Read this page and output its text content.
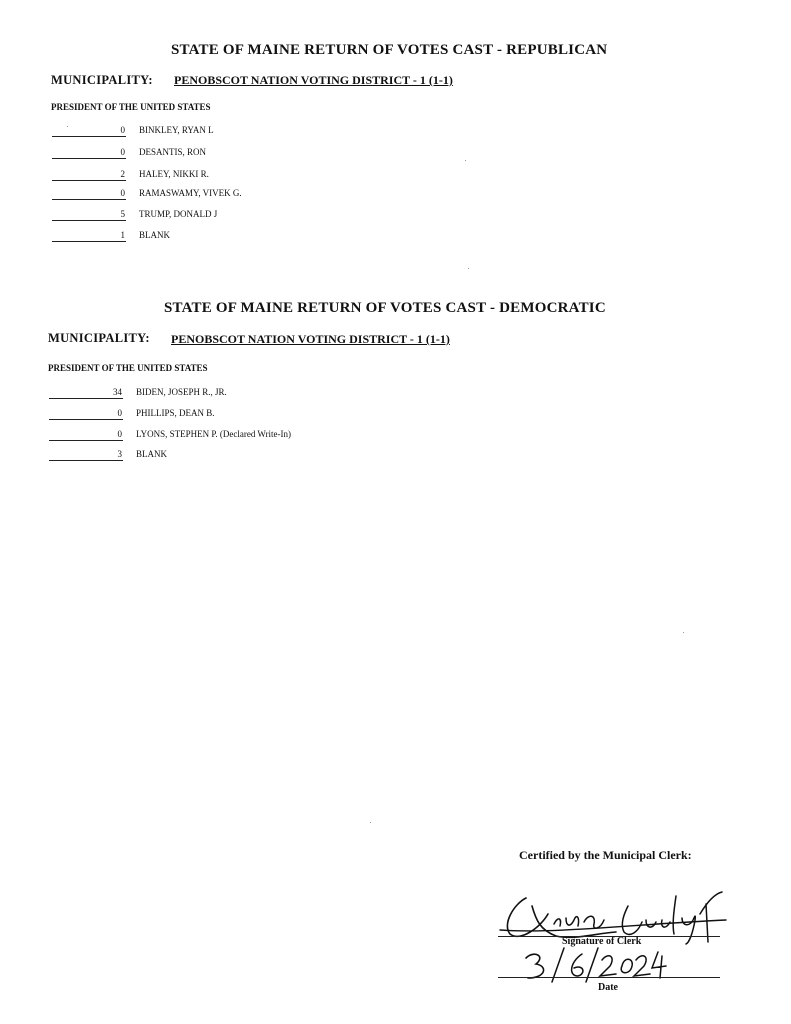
STATE OF MAINE RETURN OF VOTES CAST - REPUBLICAN
MUNICIPALITY: PENOBSCOT NATION VOTING DISTRICT - 1 (1-1)
PRESIDENT OF THE UNITED STATES
0 BINKLEY, RYAN L
0 DESANTIS, RON
2 HALEY, NIKKI R.
0 RAMASWAMY, VIVEK G.
5 TRUMP, DONALD J
1 BLANK
STATE OF MAINE RETURN OF VOTES CAST - DEMOCRATIC
MUNICIPALITY: PENOBSCOT NATION VOTING DISTRICT - 1 (1-1)
PRESIDENT OF THE UNITED STATES
34 BIDEN, JOSEPH R., JR.
0 PHILLIPS, DEAN B.
0 LYONS, STEPHEN P. (Declared Write-In)
3 BLANK
Certified by the Municipal Clerk:
Signature of Clerk
Date
